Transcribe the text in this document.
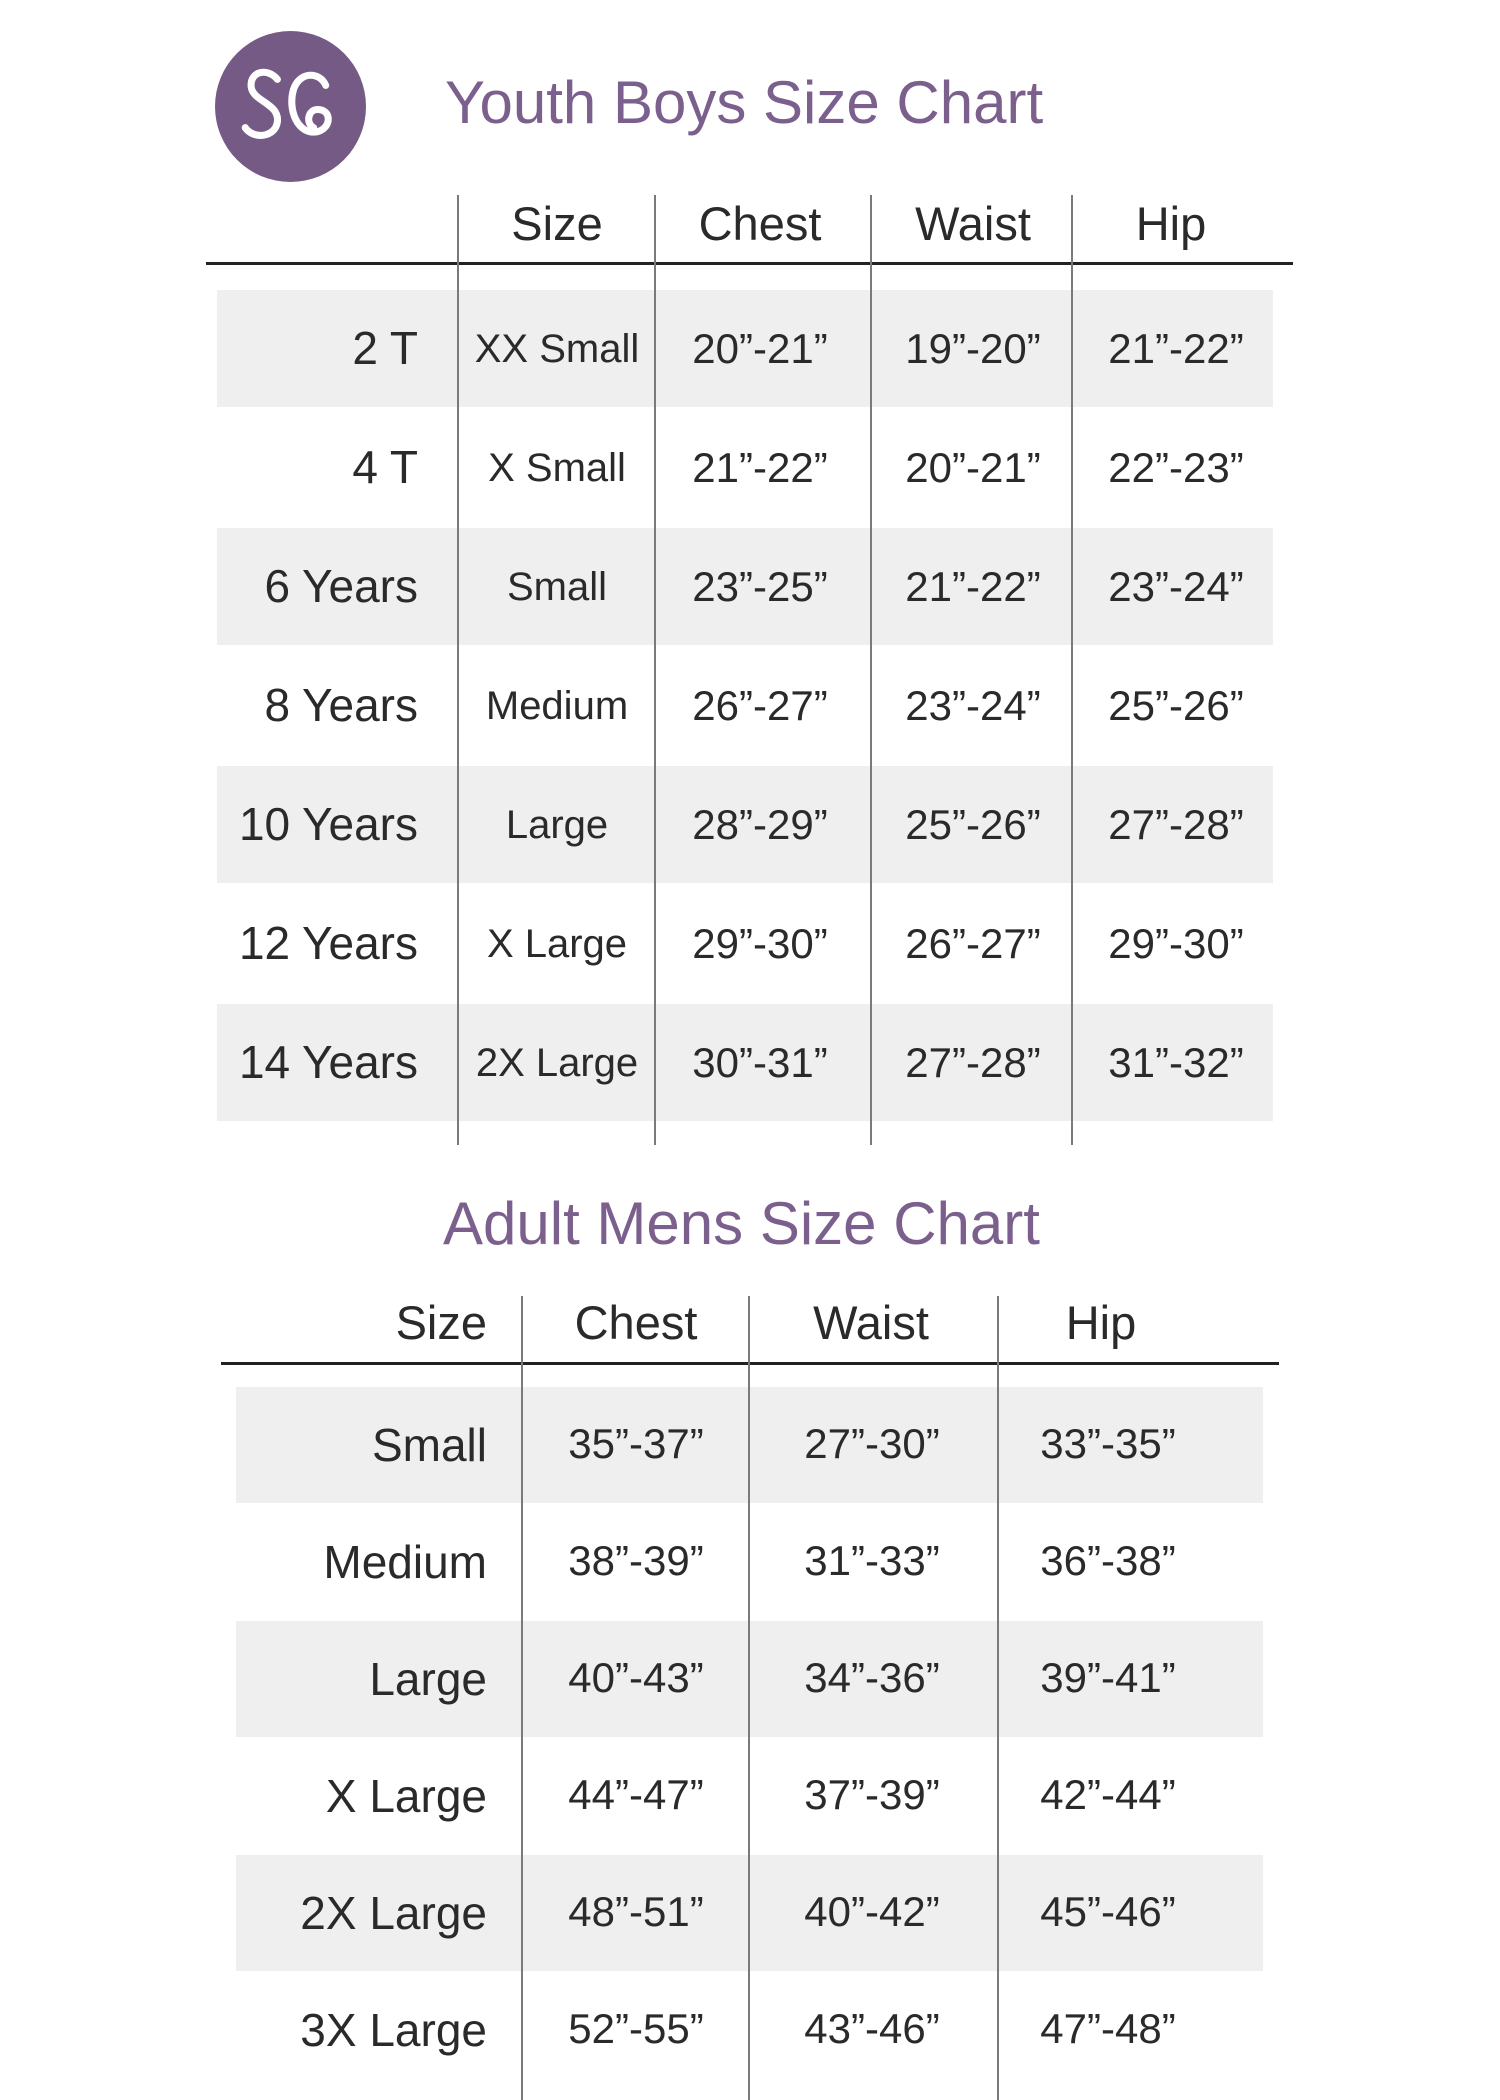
Youth Boys Size Chart
Size Chest Waist Hip
2 T XX Small 20”-21” 19”-20” 21”-22”
4 T X Small 21”-22” 20”-21” 22”-23”
6 Years Small 23”-25” 21”-22” 23”-24”
8 Years Medium 26”-27” 23”-24” 25”-26”
10 Years Large 28”-29” 25”-26” 27”-28”
12 Years X Large 29”-30” 26”-27” 29”-30”
14 Years 2X Large 30”-31” 27”-28” 31”-32”
Adult Mens Size Chart
Size Chest Waist	Hip
Small 35”-37” 27”-30” 33”-35”
Medium 38”-39” 31”-33” 36”-38”
Large 40”-43” 34”-36” 39”-41”
X Large 44”-47” 37”-39” 42”-44”
2X Large 48”-51” 40”-42” 45”-46”
3X Large 52”-55” 43”-46” 47”-48”
